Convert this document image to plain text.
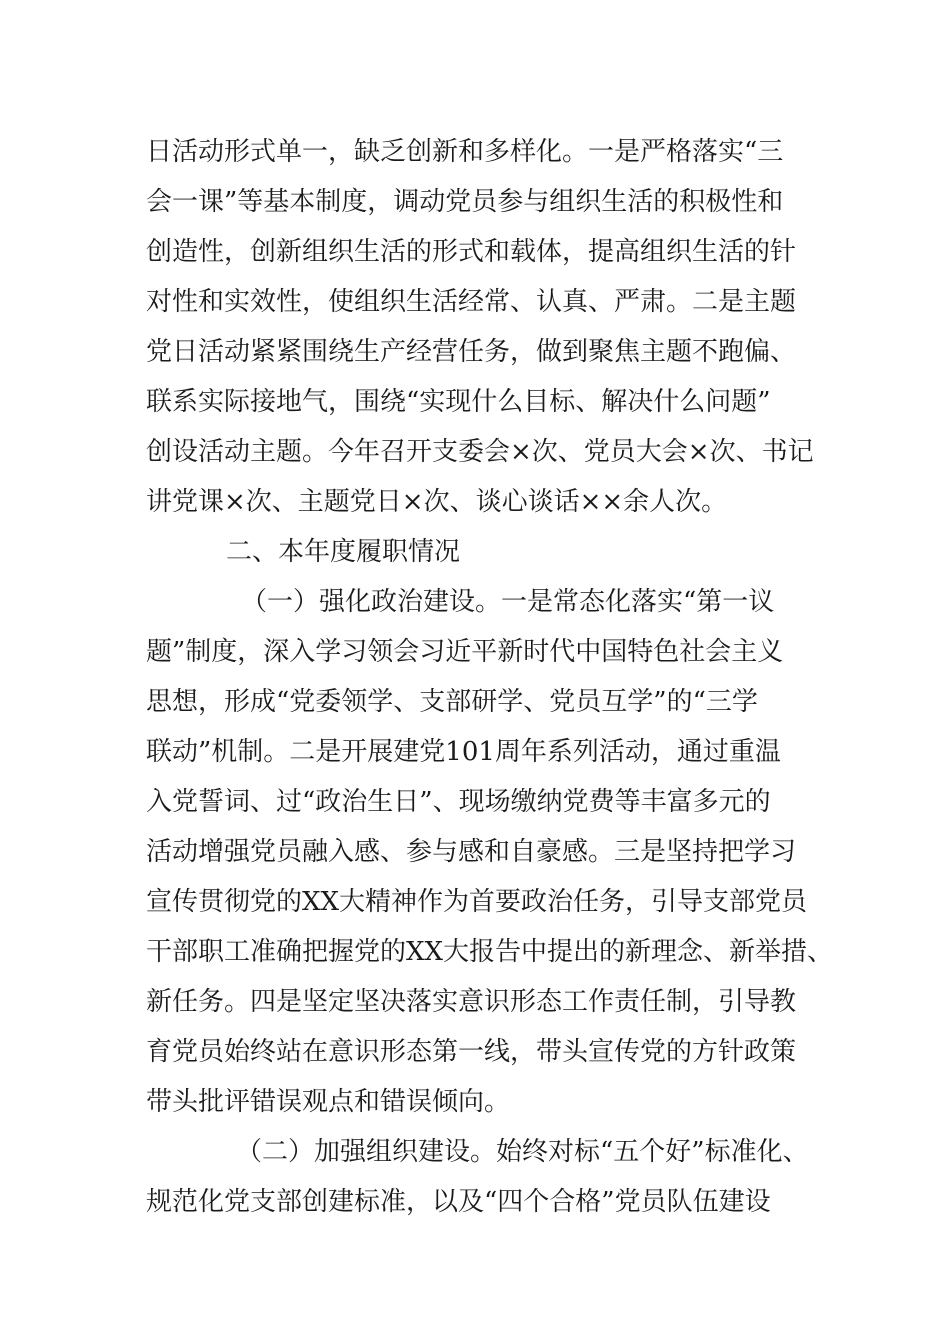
日活动形式单一，缺乏创新和多样化。一是严格落实“三
会一课”等基本制度，调动党员参与组织生活的积极性和
创造性，创新组织生活的形式和载体，提高组织生活的针
对性和实效性，使组织生活经常、认真、严肃。二是主题
党日活动紧紧围绕生产经营任务，做到聚焦主题不跑偏、
联系实际接地气，围绕“实现什么目标、解决什么问题”
创设活动主题。今年召开支委会×次、党员大会×次、书记
讲党课×次、主题党日×次、谈心谈话××余人次。
二、本年度履职情况
（一）强化政治建设。一是常态化落实“第一议
题”制度，深入学习领会习近平新时代中国特色社会主义
思想，形成“党委领学、支部研学、党员互学”的“三学
联动”机制。二是开展建党101周年系列活动，通过重温
入党誓词、过“政治生日”、现场缴纳党费等丰富多元的
活动增强党员融入感、参与感和自豪感。三是坚持把学习
宣传贯彻党的XX大精神作为首要政治任务，引导支部党员
干部职工准确把握党的XX大报告中提出的新理念、新举措、
新任务。四是坚定坚决落实意识形态工作责任制，引导教
育党员始终站在意识形态第一线，带头宣传党的方针政策
带头批评错误观点和错误倾向。
（二）加强组织建设。始终对标“五个好”标准化、
规范化党支部创建标准，以及“四个合格”党员队伍建设
